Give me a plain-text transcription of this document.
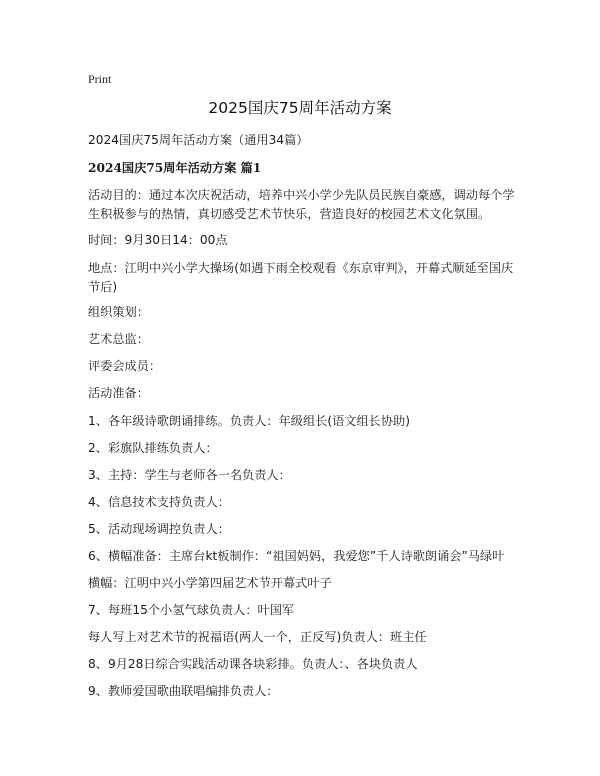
Print
2025国庆75周年活动方案
2024国庆75周年活动方案（通用34篇）
2024国庆75周年活动方案 篇1
活动目的：通过本次庆祝活动，培养中兴小学少先队员民族自豪感，调动每个学生积极参与的热情，真切感受艺术节快乐，营造良好的校园艺术文化氛围。
时间：9月30日14：00点
地点：江明中兴小学大操场(如遇下雨全校观看《东京审判》，开幕式顺延至国庆节后)
组织策划：
艺术总监：
评委会成员：
活动准备：
1、各年级诗歌朗诵排练。负责人：年级组长(语文组长协助)
2、彩旗队排练负责人：
3、主持：学生与老师各一名负责人：
4、信息技术支持负责人：
5、活动现场调控负责人：
6、横幅准备：主席台kt板制作：“祖国妈妈，我爱您”千人诗歌朗诵会”马绿叶
横幅：江明中兴小学第四届艺术节开幕式叶子
7、每班15个小氢气球负责人：叶国军
每人写上对艺术节的祝福语(两人一个，正反写)负责人：班主任
8、9月28日综合实践活动课各块彩排。负责人：、各块负责人
9、教师爱国歌曲联唱编排负责人：
